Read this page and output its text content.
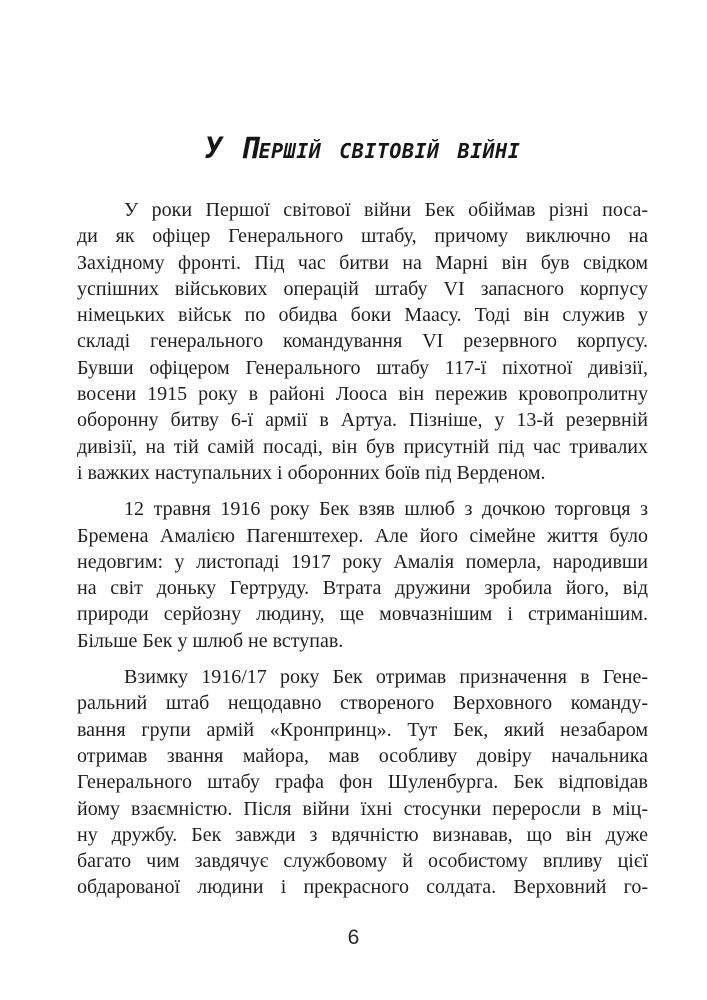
У Першій світовій війні
У роки Першої світової війни Бек обіймав різні поса-
ди як офіцер Генерального штабу, причому виключно на
Західному фронті. Під час битви на Марні він був свідком
успішних військових операцій штабу VI запасного корпусу
німецьких військ по обидва боки Маасу. Тоді він служив у
складі генерального командування VI резервного корпусу.
Бувши офіцером Генерального штабу 117-ї піхотної дивізії,
восени 1915 року в районі Лооса він пережив кровопролитну
оборонну битву 6-ї армії в Артуа. Пізніше, у 13-й резервній
дивізії, на тій самій посаді, він був присутній під час тривалих
і важких наступальних і оборонних боїв під Верденом.
12 травня 1916 року Бек взяв шлюб з дочкою торговця з
Бремена Амалією Пагенштехер. Але його сімейне життя було
недовгим: у листопаді 1917 року Амалія померла, народивши
на світ доньку Гертруду. Втрата дружини зробила його, від
природи серйозну людину, ще мовчазнішим і стриманішим.
Більше Бек у шлюб не вступав.
Взимку 1916/17 року Бек отримав призначення в Гене-
ральний штаб нещодавно створеного Верховного команду-
вання групи армій «Кронпринц». Тут Бек, який незабаром
отримав звання майора, мав особливу довіру начальника
Генерального штабу графа фон Шуленбурга. Бек відповідав
йому взаємністю. Після війни їхні стосунки переросли в міц-
ну дружбу. Бек завжди з вдячністю визнавав, що він дуже
багато чим завдячує службовому й особистому впливу цієї
обдарованої людини і прекрасного солдата. Верховний го-
6
